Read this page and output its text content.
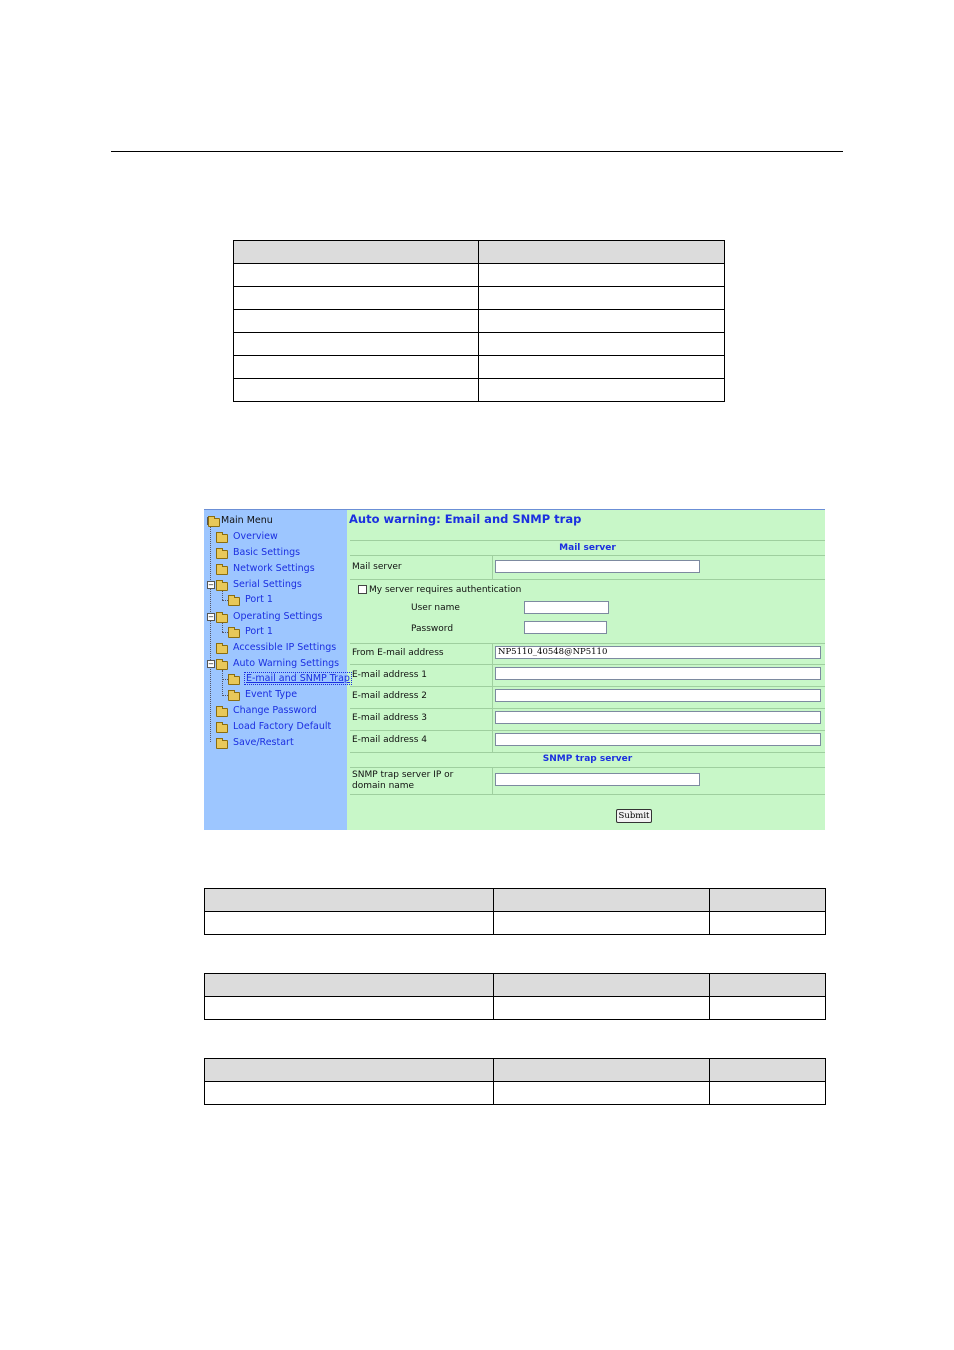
Main Menu
Overview
Basic Settings
Network Settings
− Serial Settings
Port 1
− Operating Settings
Port 1
Accessible IP Settings
− Auto Warning Settings
E-mail and SNMP Trap
Event Type
Change Password
Load Factory Default
Save/Restart
Auto warning: Email and SNMP trap
Mail server
Mail server
My server requires authentication
User name
Password
From E-mail address	NP5110_40548@NP5110
E-mail address 1
E-mail address 2
E-mail address 3
E-mail address 4
SNMP trap server
SNMP trap server IP or
domain name
Submit
